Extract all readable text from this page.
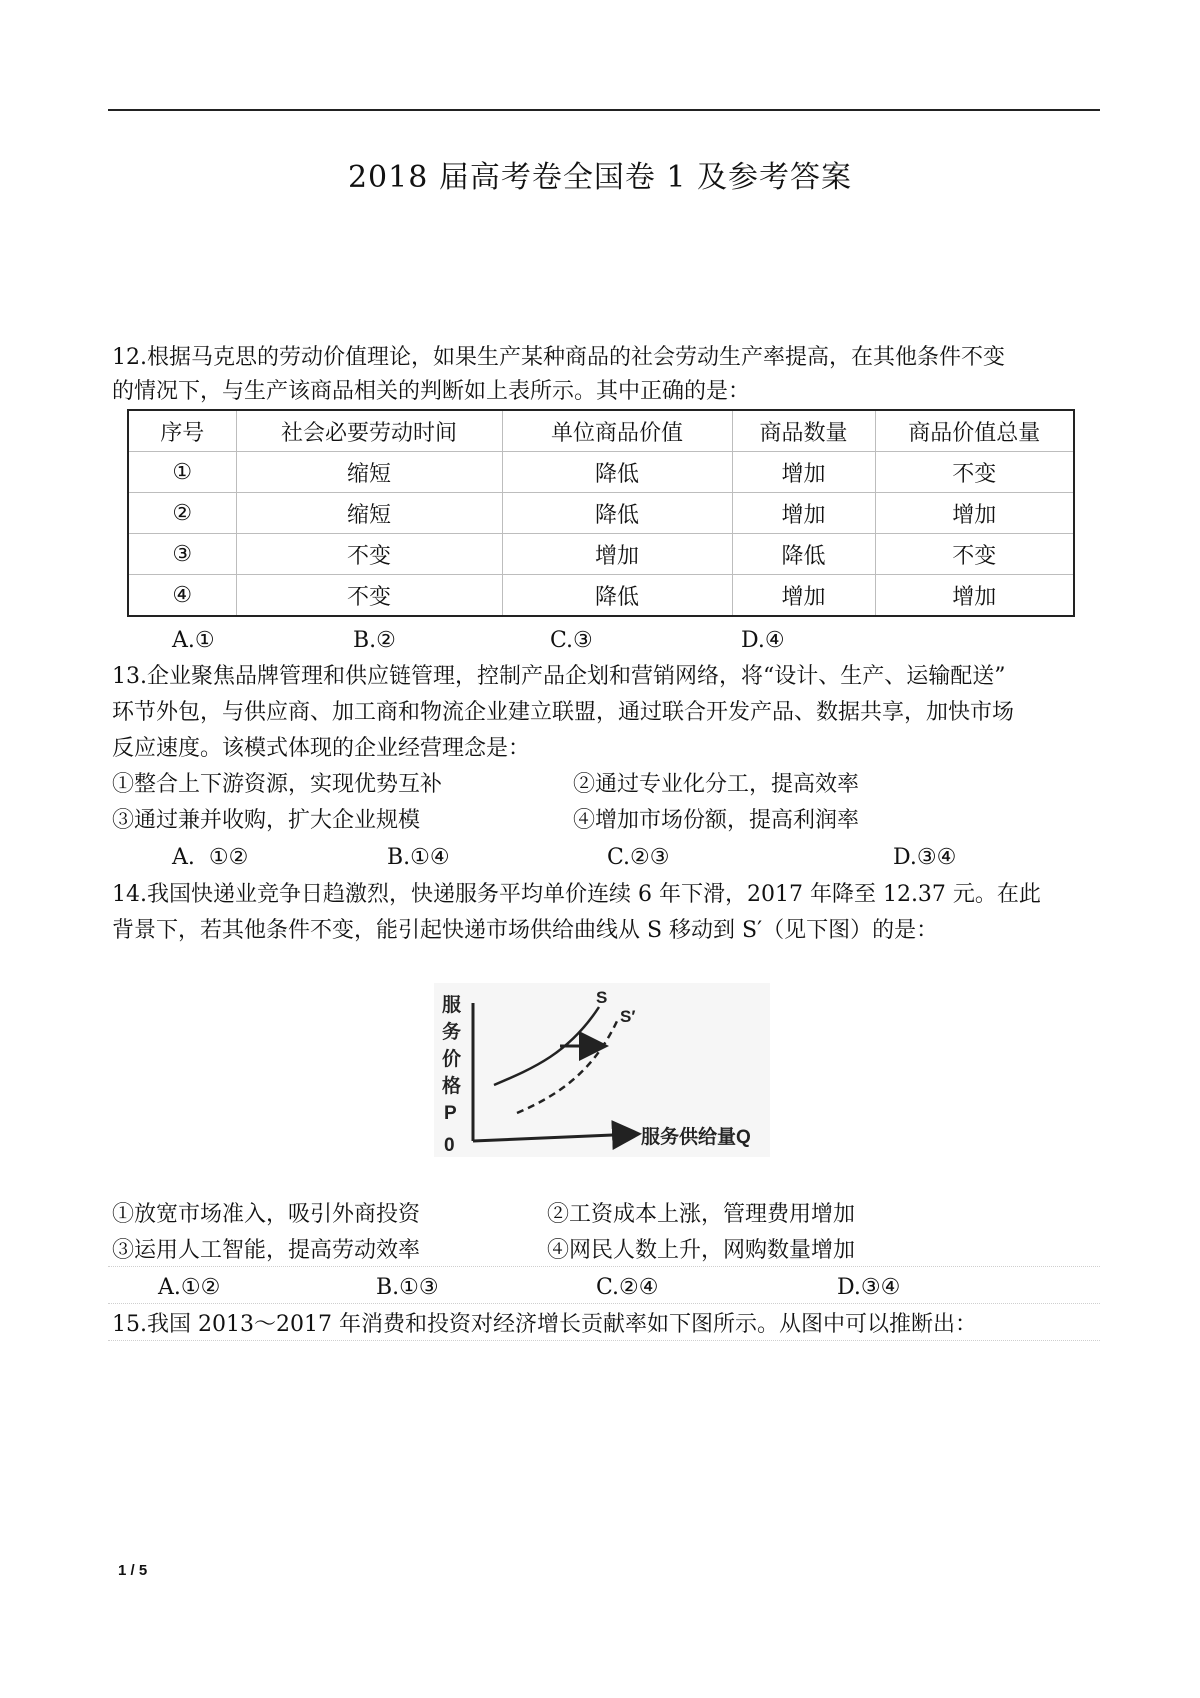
2018 届高考卷全国卷 1 及参考答案
12.根据马克思的劳动价值理论，如果生产某种商品的社会劳动生产率提高，在其他条件不变
的情况下，与生产该商品相关的判断如上表所示。其中正确的是：
序号	社会必要劳动时间	单位商品价值	商品数量	商品价值总量
①	缩短	降低	增加	不变
②	缩短	降低	增加	增加
③	不变	增加	降低	不变
④	不变	降低	增加	增加
A.①	B.②	C.③	D.④
13.企业聚焦品牌管理和供应链管理，控制产品企划和营销网络，将“设计、生产、运输配送”
环节外包，与供应商、加工商和物流企业建立联盟，通过联合开发产品、数据共享，加快市场
反应速度。该模式体现的企业经营理念是：
①整合上下游资源，实现优势互补	②通过专业化分工，提高效率
③通过兼并收购，扩大企业规模	④增加市场份额，提高利润率
A.  ①②	B.①④	C.②③	D.③④
14.我国快递业竞争日趋激烈，快递服务平均单价连续 6 年下滑，2017 年降至 12.37 元。在此
背景下，若其他条件不变，能引起快递市场供给曲线从 S 移动到 S′（见下图）的是：
服
务
价
格
P
0	服务供给量Q
S
S′
①放宽市场准入，吸引外商投资	②工资成本上涨，管理费用增加
③运用人工智能，提高劳动效率	④网民人数上升，网购数量增加
A.①②	B.①③	C.②④	D.③④
15.我国 2013～2017 年消费和投资对经济增长贡献率如下图所示。从图中可以推断出：
1 / 5
